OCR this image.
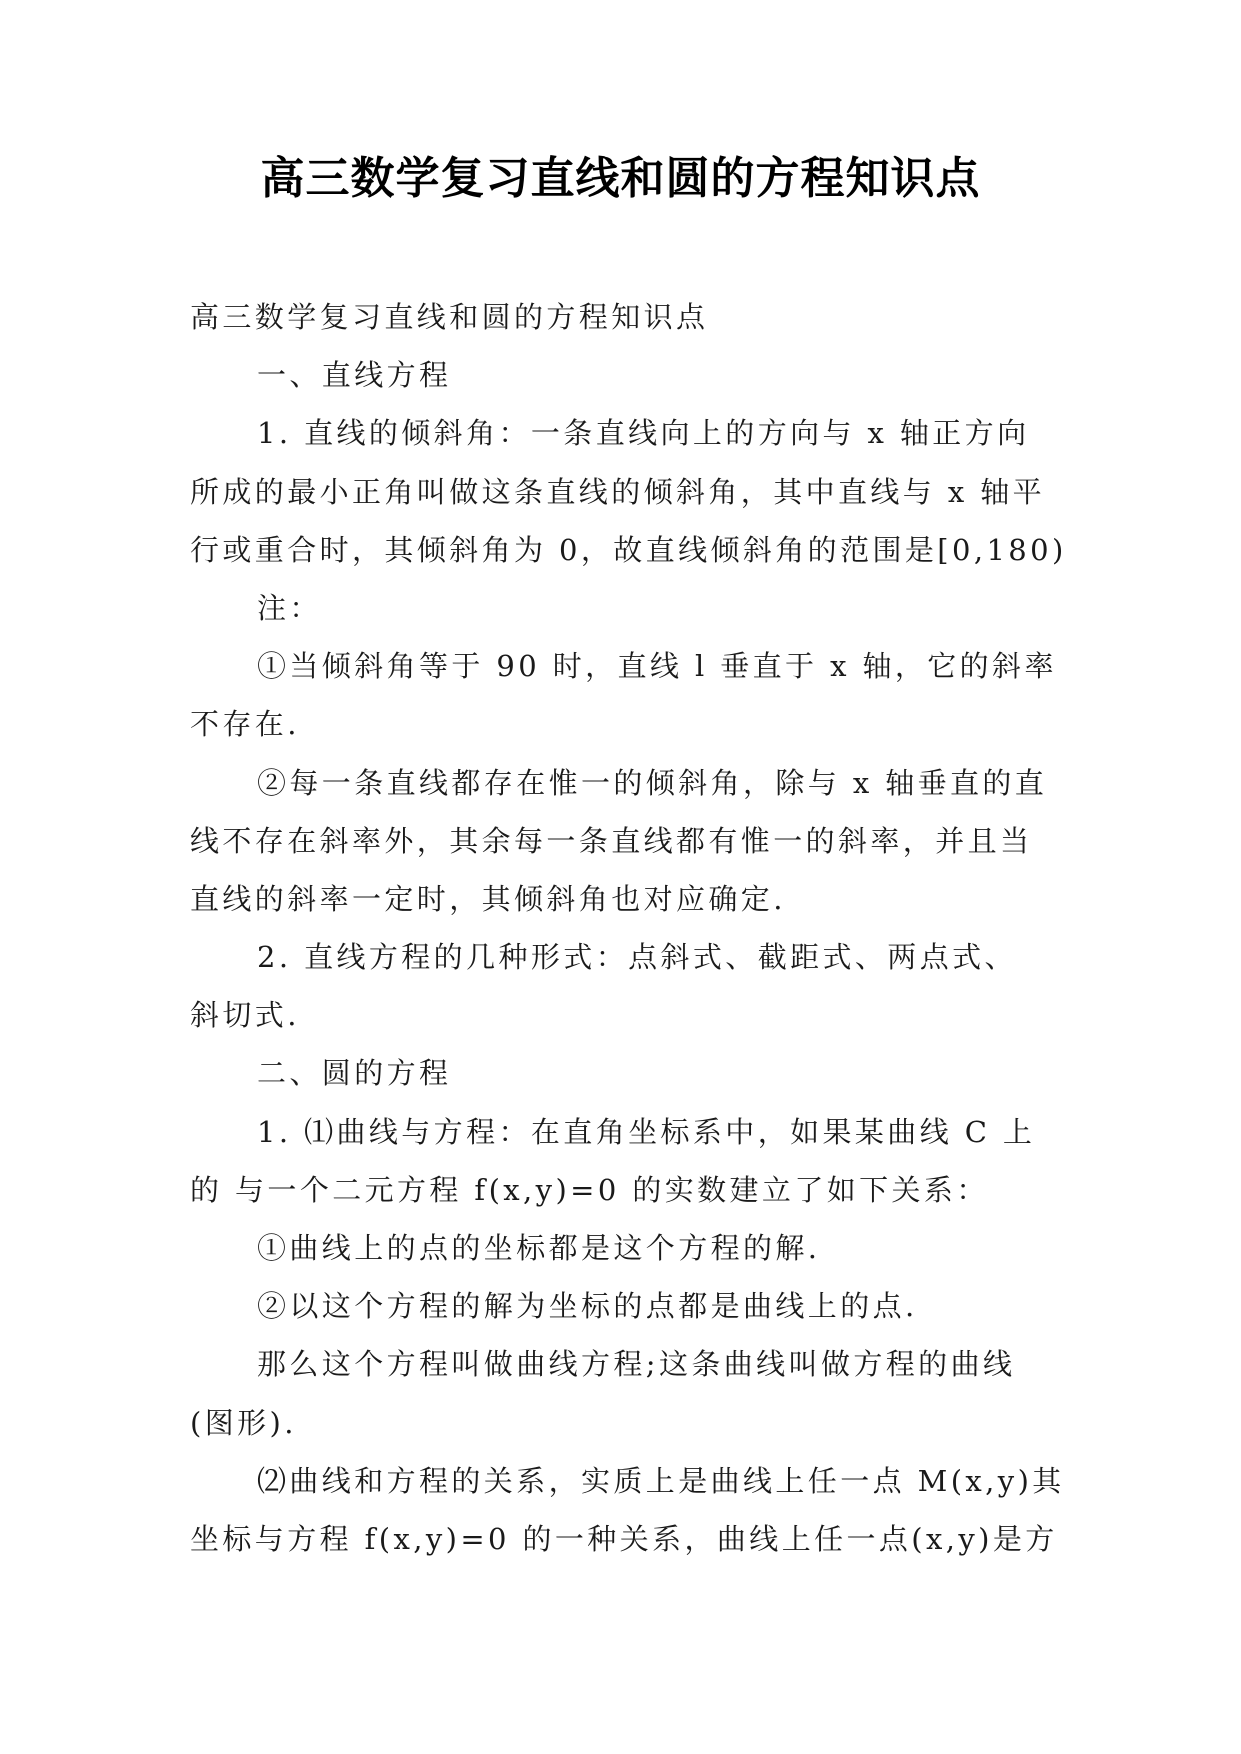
高三数学复习直线和圆的方程知识点
高三数学复习直线和圆的方程知识点
一、直线方程
1. 直线的倾斜角：一条直线向上的方向与 x 轴正方向
所成的最小正角叫做这条直线的倾斜角，其中直线与 x 轴平
行或重合时，其倾斜角为 0，故直线倾斜角的范围是[0,180)
注：
①当倾斜角等于 90 时，直线 l 垂直于 x 轴，它的斜率
不存在.
②每一条直线都存在惟一的倾斜角，除与 x 轴垂直的直
线不存在斜率外，其余每一条直线都有惟一的斜率，并且当
直线的斜率一定时，其倾斜角也对应确定.
2. 直线方程的几种形式：点斜式、截距式、两点式、
斜切式.
二、圆的方程
1. ⑴曲线与方程：在直角坐标系中，如果某曲线 C 上
的 与一个二元方程 f(x,y)=0 的实数建立了如下关系：
①曲线上的点的坐标都是这个方程的解.
②以这个方程的解为坐标的点都是曲线上的点.
那么这个方程叫做曲线方程;这条曲线叫做方程的曲线
(图形).
⑵曲线和方程的关系，实质上是曲线上任一点 M(x,y)其
坐标与方程 f(x,y)=0 的一种关系，曲线上任一点(x,y)是方
